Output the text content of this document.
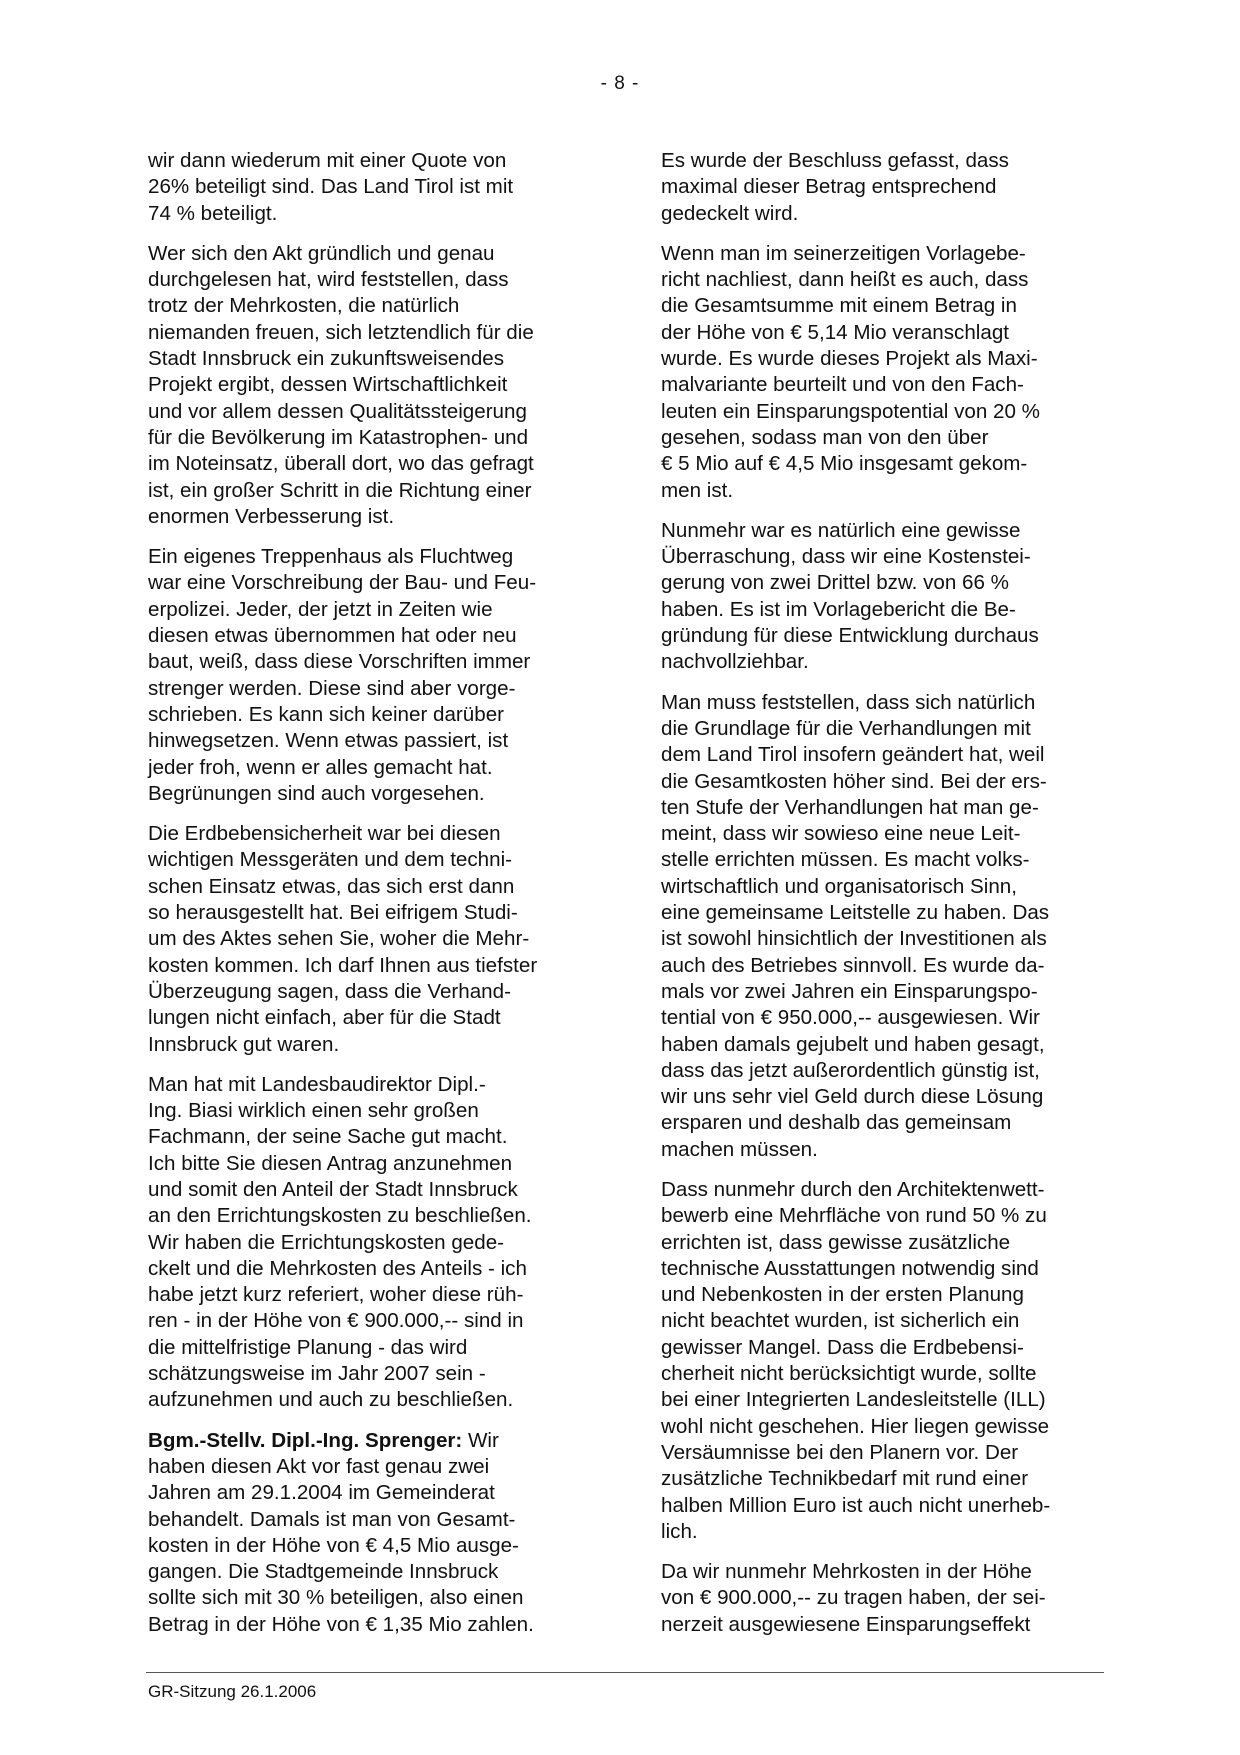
- 8 -

wir dann wiederum mit einer Quote von
26% beteiligt sind. Das Land Tirol ist mit
74 % beteiligt.

Wer sich den Akt gründlich und genau
durchgelesen hat, wird feststellen, dass
trotz der Mehrkosten, die natürlich
niemanden freuen, sich letztendlich für die
Stadt Innsbruck ein zukunftsweisendes
Projekt ergibt, dessen Wirtschaftlichkeit
und vor allem dessen Qualitätssteigerung
für die Bevölkerung im Katastrophen- und
im Noteinsatz, überall dort, wo das gefragt
ist, ein großer Schritt in die Richtung einer
enormen Verbesserung ist.

Ein eigenes Treppenhaus als Fluchtweg
war eine Vorschreibung der Bau- und Feu-
erpolizei. Jeder, der jetzt in Zeiten wie
diesen etwas übernommen hat oder neu
baut, weiß, dass diese Vorschriften immer
strenger werden. Diese sind aber vorge-
schrieben. Es kann sich keiner darüber
hinwegsetzen. Wenn etwas passiert, ist
jeder froh, wenn er alles gemacht hat.
Begrünungen sind auch vorgesehen.

Die Erdbebensicherheit war bei diesen
wichtigen Messgeräten und dem techni-
schen Einsatz etwas, das sich erst dann
so herausgestellt hat. Bei eifrigem Studi-
um des Aktes sehen Sie, woher die Mehr-
kosten kommen. Ich darf Ihnen aus tiefster
Überzeugung sagen, dass die Verhand-
lungen nicht einfach, aber für die Stadt
Innsbruck gut waren.

Man hat mit Landesbaudirektor Dipl.-
Ing. Biasi wirklich einen sehr großen
Fachmann, der seine Sache gut macht.
Ich bitte Sie diesen Antrag anzunehmen
und somit den Anteil der Stadt Innsbruck
an den Errichtungskosten zu beschließen.
Wir haben die Errichtungskosten gede-
ckelt und die Mehrkosten des Anteils - ich
habe jetzt kurz referiert, woher diese rüh-
ren - in der Höhe von € 900.000,-- sind in
die mittelfristige Planung - das wird
schätzungsweise im Jahr 2007 sein -
aufzunehmen und auch zu beschließen.

Bgm.-Stellv. Dipl.-Ing. Sprenger: Wir
haben diesen Akt vor fast genau zwei
Jahren am 29.1.2004 im Gemeinderat
behandelt. Damals ist man von Gesamt-
kosten in der Höhe von € 4,5 Mio ausge-
gangen. Die Stadtgemeinde Innsbruck
sollte sich mit 30 % beteiligen, also einen
Betrag in der Höhe von € 1,35 Mio zahlen.

Es wurde der Beschluss gefasst, dass
maximal dieser Betrag entsprechend
gedeckelt wird.

Wenn man im seinerzeitigen Vorlagebe-
richt nachliest, dann heißt es auch, dass
die Gesamtsumme mit einem Betrag in
der Höhe von € 5,14 Mio veranschlagt
wurde. Es wurde dieses Projekt als Maxi-
malvariante beurteilt und von den Fach-
leuten ein Einsparungspotential von 20 %
gesehen, sodass man von den über
€ 5 Mio auf € 4,5 Mio insgesamt gekom-
men ist.

Nunmehr war es natürlich eine gewisse
Überraschung, dass wir eine Kostenstei-
gerung von zwei Drittel bzw. von 66 %
haben. Es ist im Vorlagebericht die Be-
gründung für diese Entwicklung durchaus
nachvollziehbar.

Man muss feststellen, dass sich natürlich
die Grundlage für die Verhandlungen mit
dem Land Tirol insofern geändert hat, weil
die Gesamtkosten höher sind. Bei der ers-
ten Stufe der Verhandlungen hat man ge-
meint, dass wir sowieso eine neue Leit-
stelle errichten müssen. Es macht volks-
wirtschaftlich und organisatorisch Sinn,
eine gemeinsame Leitstelle zu haben. Das
ist sowohl hinsichtlich der Investitionen als
auch des Betriebes sinnvoll. Es wurde da-
mals vor zwei Jahren ein Einsparungspo-
tential von € 950.000,-- ausgewiesen. Wir
haben damals gejubelt und haben gesagt,
dass das jetzt außerordentlich günstig ist,
wir uns sehr viel Geld durch diese Lösung
ersparen und deshalb das gemeinsam
machen müssen.

Dass nunmehr durch den Architektenwett-
bewerb eine Mehrfläche von rund 50 % zu
errichten ist, dass gewisse zusätzliche
technische Ausstattungen notwendig sind
und Nebenkosten in der ersten Planung
nicht beachtet wurden, ist sicherlich ein
gewisser Mangel. Dass die Erdbebensi-
cherheit nicht berücksichtigt wurde, sollte
bei einer Integrierten Landesleitstelle (ILL)
wohl nicht geschehen. Hier liegen gewisse
Versäumnisse bei den Planern vor. Der
zusätzliche Technikbedarf mit rund einer
halben Million Euro ist auch nicht unerheb-
lich.

Da wir nunmehr Mehrkosten in der Höhe
von € 900.000,-- zu tragen haben, der sei-
nerzeit ausgewiesene Einsparungseffekt

GR-Sitzung 26.1.2006
